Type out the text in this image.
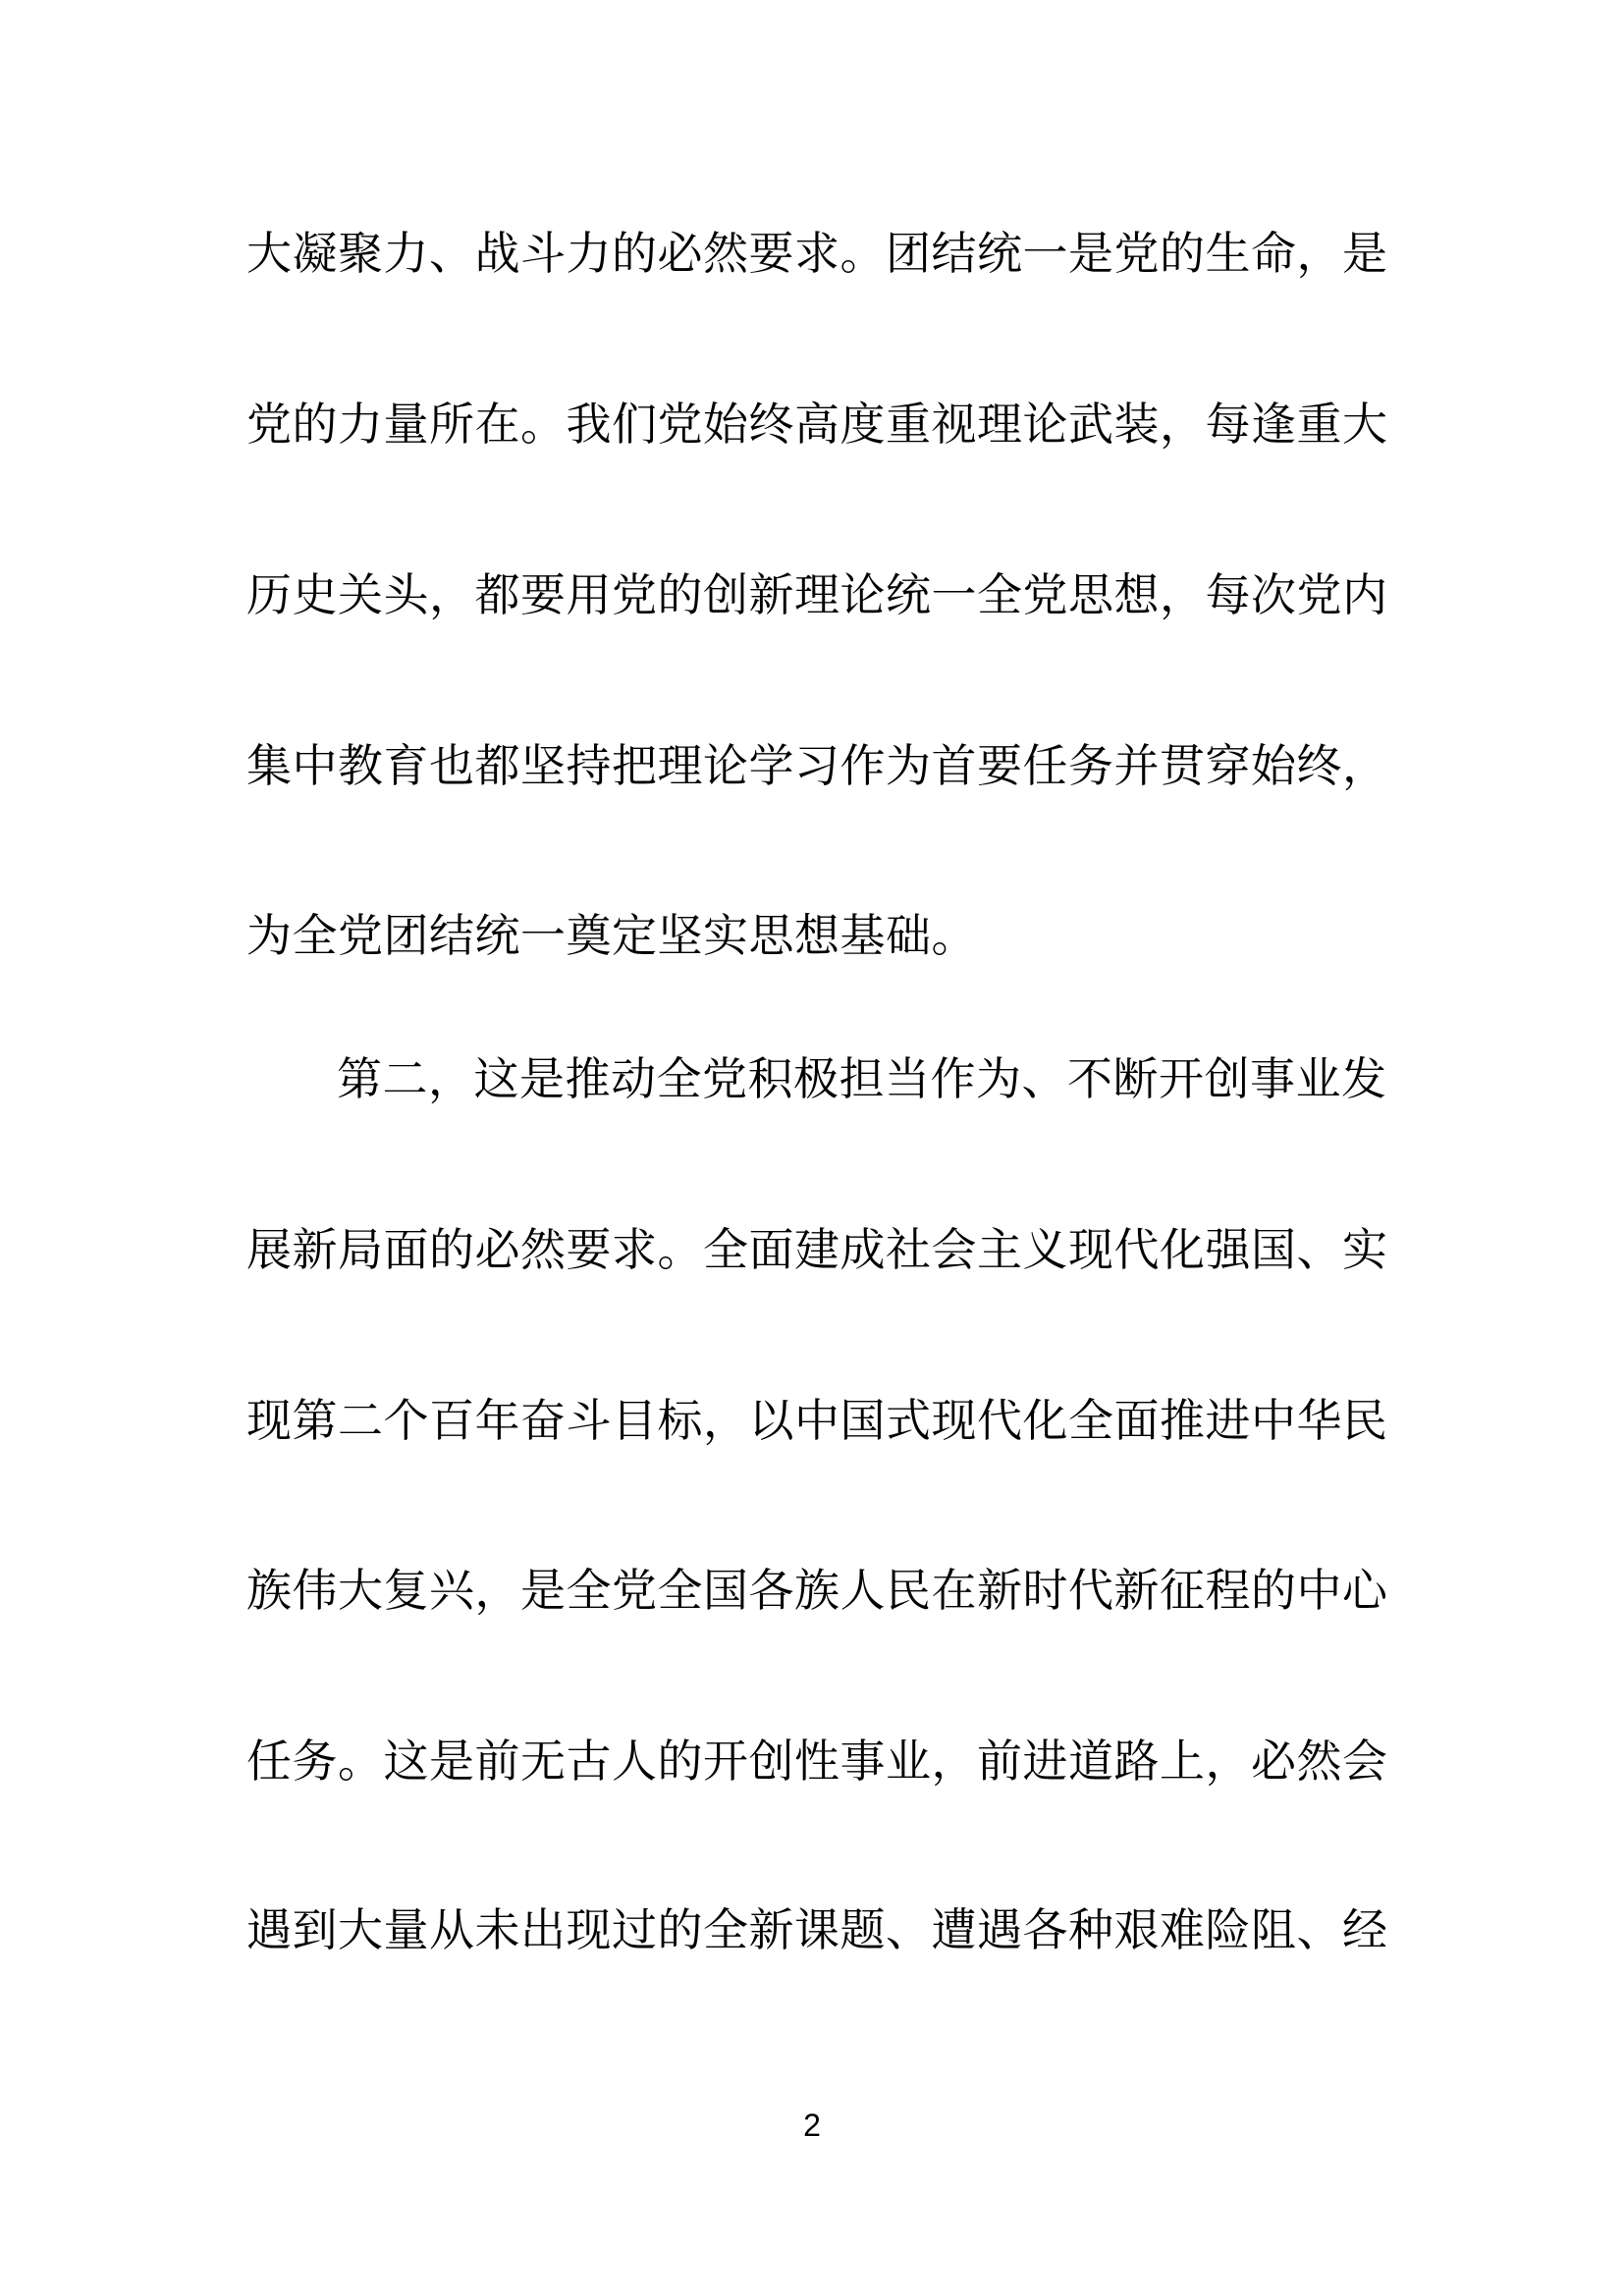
大凝聚力、战斗力的必然要求。团结统一是党的生命，是
党的力量所在。我们党始终高度重视理论武装，每逢重大
历史关头，都要用党的创新理论统一全党思想，每次党内
集中教育也都坚持把理论学习作为首要任务并贯穿始终，
为全党团结统一奠定坚实思想基础。
第二，这是推动全党积极担当作为、不断开创事业发
展新局面的必然要求。全面建成社会主义现代化强国、实
现第二个百年奋斗目标，以中国式现代化全面推进中华民
族伟大复兴，是全党全国各族人民在新时代新征程的中心
任务。这是前无古人的开创性事业，前进道路上，必然会
遇到大量从未出现过的全新课题、遭遇各种艰难险阻、经
2
